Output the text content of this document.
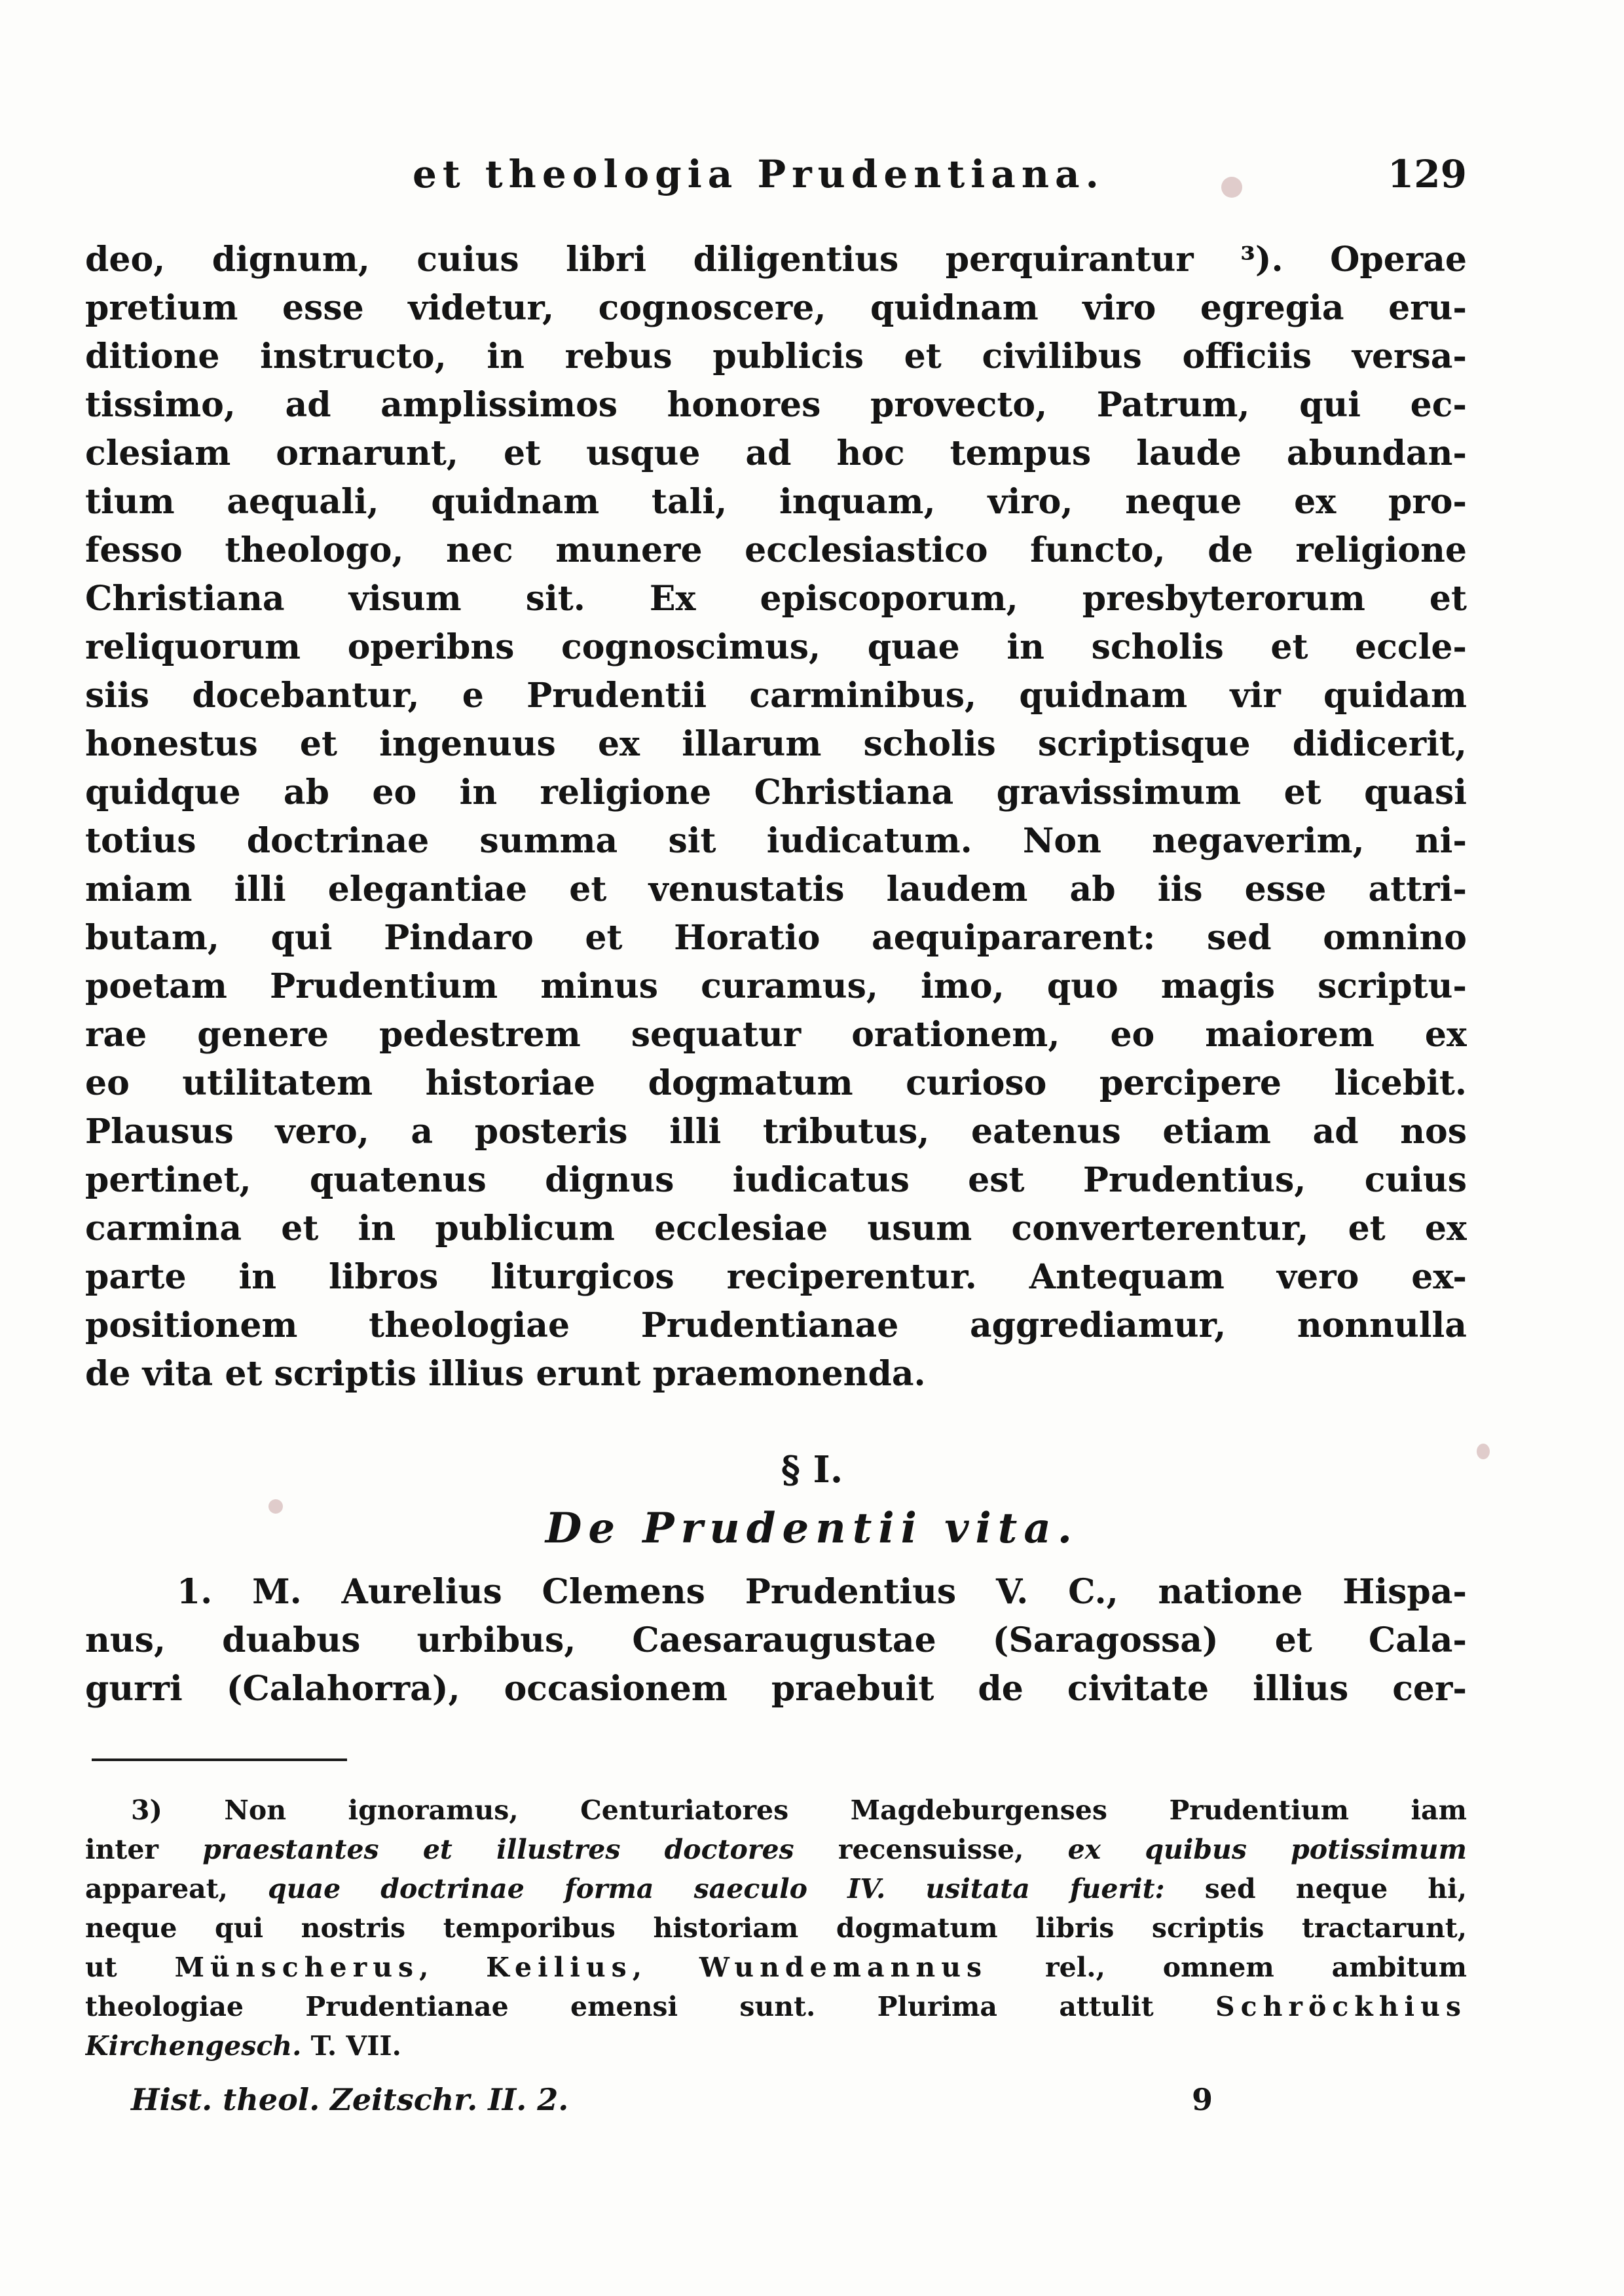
et theologia Prudentiana.	129
deo, dignum, cuius libri diligentius perquirantur ³). Operae
pretium esse videtur, cognoscere, quidnam viro egregia eru-
ditione instructo, in rebus publicis et civilibus officiis versa-
tissimo, ad amplissimos honores provecto, Patrum, qui ec-
clesiam ornarunt, et usque ad hoc tempus laude abundan-
tium aequali, quidnam tali, inquam, viro, neque ex pro-
fesso theologo, nec munere ecclesiastico functo, de religione
Christiana visum sit. Ex episcoporum, presbyterorum et
reliquorum operibns cognoscimus, quae in scholis et eccle-
siis docebantur, e Prudentii carminibus, quidnam vir quidam
honestus et ingenuus ex illarum scholis scriptisque didicerit,
quidque ab eo in religione Christiana gravissimum et quasi
totius doctrinae summa sit iudicatum. Non negaverim, ni-
miam illi elegantiae et venustatis laudem ab iis esse attri-
butam, qui Pindaro et Horatio aequipararent: sed omnino
poetam Prudentium minus curamus, imo, quo magis scriptu-
rae genere pedestrem sequatur orationem, eo maiorem ex
eo utilitatem historiae dogmatum curioso percipere licebit.
Plausus vero, a posteris illi tributus, eatenus etiam ad nos
pertinet, quatenus dignus iudicatus est Prudentius, cuius
carmina et in publicum ecclesiae usum converterentur, et ex
parte in libros liturgicos reciperentur. Antequam vero ex-
positionem theologiae Prudentianae aggrediamur, nonnulla
de vita et scriptis illius erunt praemonenda.
§ I.
De Prudentii vita.
1. M. Aurelius Clemens Prudentius V. C., natione Hispa-
nus, duabus urbibus, Caesaraugustae (Saragossa) et Cala-
gurri (Calahorra), occasionem praebuit de civitate illius cer-
3) Non ignoramus, Centuriatores Magdeburgenses Prudentium iam
inter praestantes et illustres doctores recensuisse, ex quibus potissimum
appareat, quae doctrinae forma saeculo IV. usitata fuerit: sed neque hi,
neque qui nostris temporibus historiam dogmatum libris scriptis tractarunt,
ut Münscherus, Keilius, Wundemannus rel., omnem ambitum
theologiae Prudentianae emensi sunt. Plurima attulit Schröckhius
Kirchengesch. T. VII.
Hist. theol. Zeitschr. II. 2.	9
